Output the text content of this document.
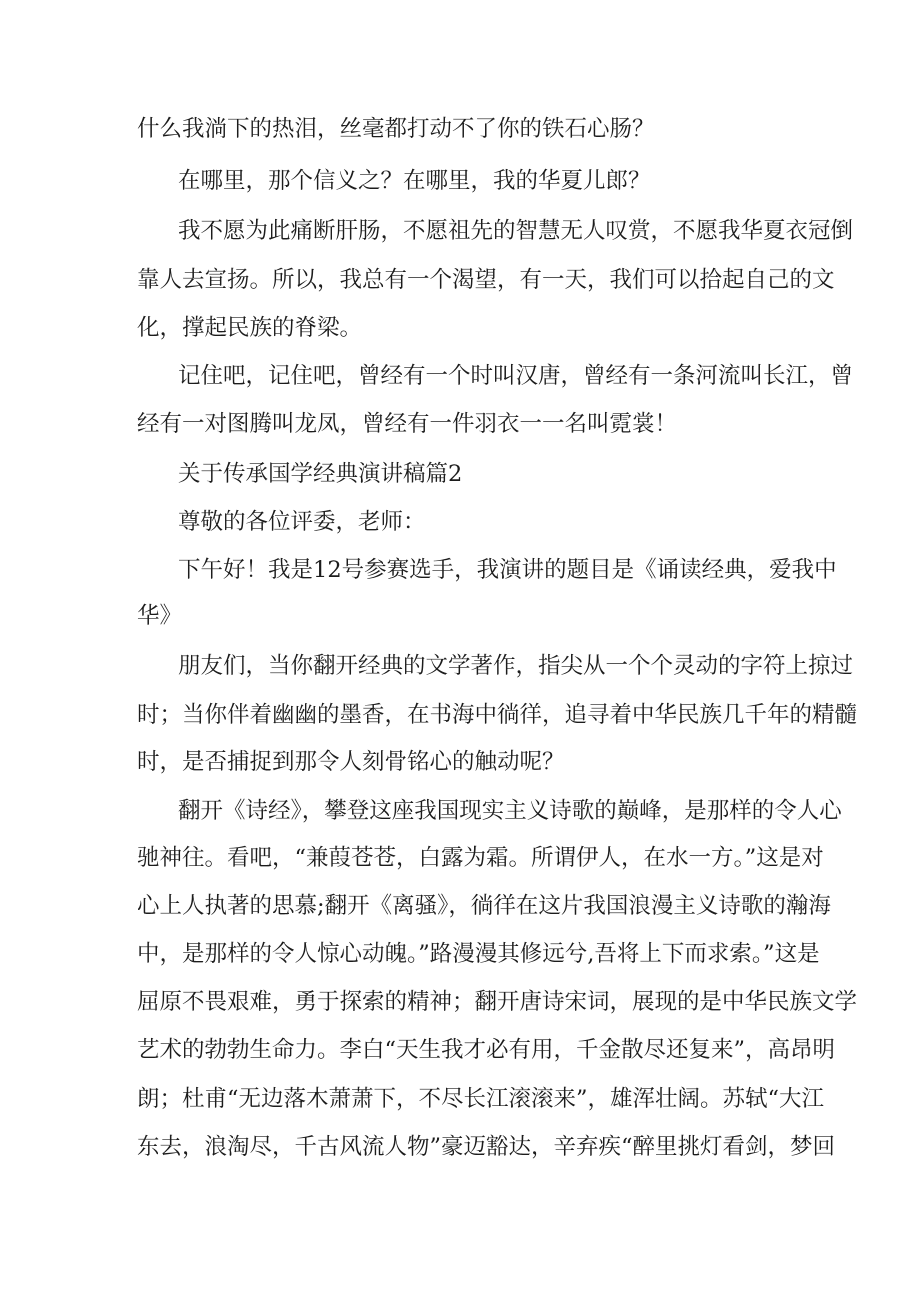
什么我淌下的热泪，丝毫都打动不了你的铁石心肠？
在哪里，那个信义之？在哪里，我的华夏儿郎？
我不愿为此痛断肝肠，不愿祖先的智慧无人叹赏，不愿我华夏衣冠倒
靠人去宣扬。所以，我总有一个渴望，有一天，我们可以拾起自己的文
化，撑起民族的脊梁。
记住吧，记住吧，曾经有一个时叫汉唐，曾经有一条河流叫长江，曾
经有一对图腾叫龙凤，曾经有一件羽衣一一名叫霓裳！
关于传承国学经典演讲稿篇2
尊敬的各位评委，老师：
下午好！我是12号参赛选手，我演讲的题目是《诵读经典，爱我中
华》
朋友们，当你翻开经典的文学著作，指尖从一个个灵动的字符上掠过
时；当你伴着幽幽的墨香，在书海中徜徉，追寻着中华民族几千年的精髓
时，是否捕捉到那令人刻骨铭心的触动呢？
翻开《诗经》，攀登这座我国现实主义诗歌的巅峰，是那样的令人心
驰神往。看吧，“兼葭苍苍，白露为霜。所谓伊人，在水一方。”这是对
心上人执著的思慕;翻开《离骚》，徜徉在这片我国浪漫主义诗歌的瀚海
中，是那样的令人惊心动魄。”路漫漫其修远兮,吾将上下而求索。”这是
屈原不畏艰难，勇于探索的精神；翻开唐诗宋词，展现的是中华民族文学
艺术的勃勃生命力。李白“天生我才必有用，千金散尽还复来”，高昂明
朗；杜甫“无边落木萧萧下，不尽长江滚滚来”，雄浑壮阔。苏轼“大江
东去，浪淘尽，千古风流人物”豪迈豁达，辛弃疾“醉里挑灯看剑，梦回
